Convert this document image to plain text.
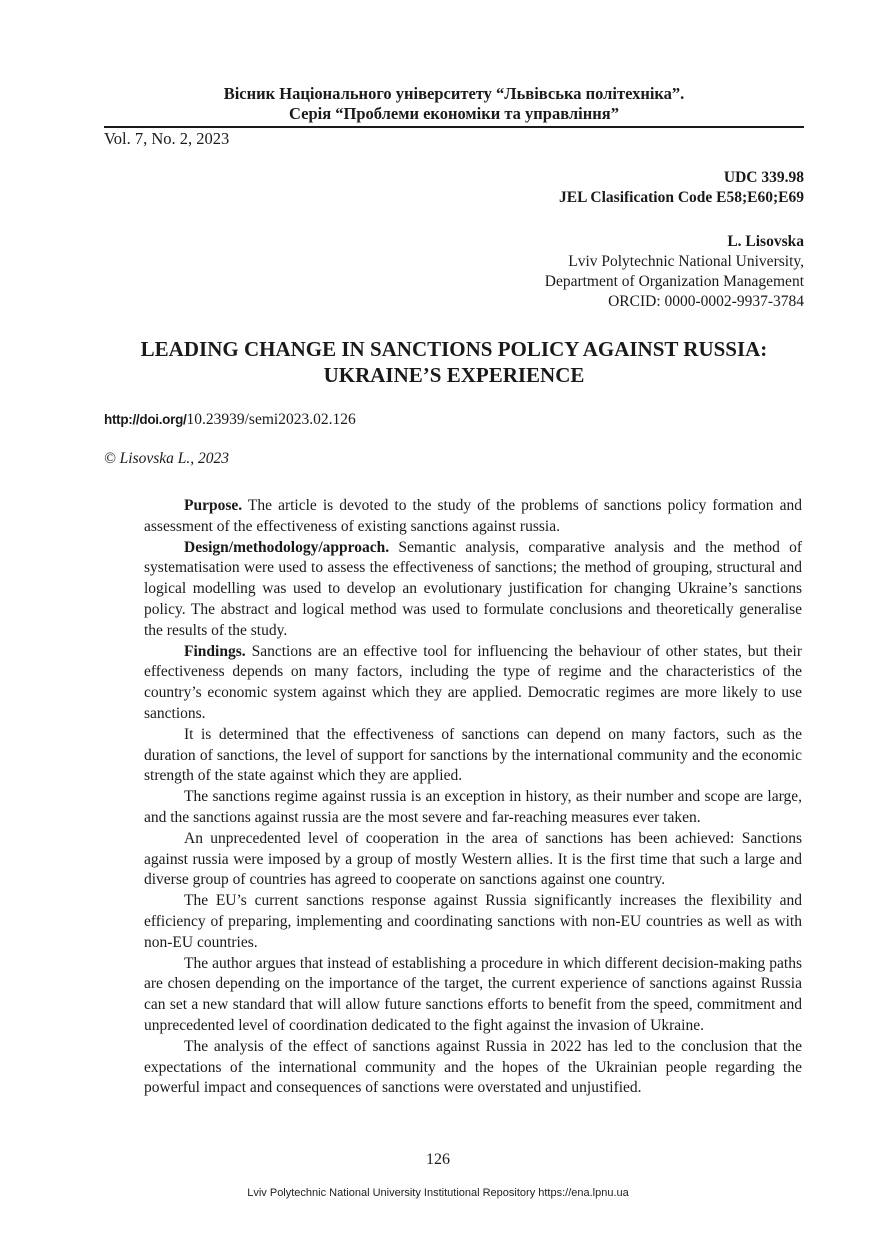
Вісник Національного університету “Львівська політехніка”.
Серія “Проблеми економіки та управління”
Vol. 7, No. 2, 2023
UDC 339.98
JEL Clasification Code E58;E60;E69
L. Lisovska
Lviv Polytechnic National University,
Department of Organization Management
ORCID: 0000-0002-9937-3784
LEADING CHANGE IN SANCTIONS POLICY AGAINST RUSSIA:
UKRAINE’S EXPERIENCE
http://doi.org/10.23939/semi2023.02.126
© Lisovska L., 2023

Purpose. The article is devoted to the study of the problems of sanctions policy formation and assessment of the effectiveness of existing sanctions against russia.

Design/methodology/approach. Semantic analysis, comparative analysis and the method of systematisation were used to assess the effectiveness of sanctions; the method of grouping, structural and logical modelling was used to develop an evolutionary justification for changing Ukraine’s sanctions policy. The abstract and logical method was used to formulate conclusions and theoretically generalise the results of the study.

Findings. Sanctions are an effective tool for influencing the behaviour of other states, but their effectiveness depends on many factors, including the type of regime and the characteristics of the country’s economic system against which they are applied. Democratic regimes are more likely to use sanctions.

It is determined that the effectiveness of sanctions can depend on many factors, such as the duration of sanctions, the level of support for sanctions by the international community and the economic strength of the state against which they are applied.

The sanctions regime against russia is an exception in history, as their number and scope are large, and the sanctions against russia are the most severe and far-reaching measures ever taken.

An unprecedented level of cooperation in the area of sanctions has been achieved: Sanctions against russia were imposed by a group of mostly Western allies. It is the first time that such a large and diverse group of countries has agreed to cooperate on sanctions against one country.

The EU’s current sanctions response against Russia significantly increases the flexibility and efficiency of preparing, implementing and coordinating sanctions with non-EU countries as well as with non-EU countries.

The author argues that instead of establishing a procedure in which different decision-making paths are chosen depending on the importance of the target, the current experience of sanctions against Russia can set a new standard that will allow future sanctions efforts to benefit from the speed, commitment and unprecedented level of coordination dedicated to the fight against the invasion of Ukraine.

The analysis of the effect of sanctions against Russia in 2022 has led to the conclusion that the expectations of the international community and the hopes of the Ukrainian people regarding the powerful impact and consequences of sanctions were overstated and unjustified.

126
Lviv Polytechnic National University Institutional Repository https://ena.lpnu.ua
